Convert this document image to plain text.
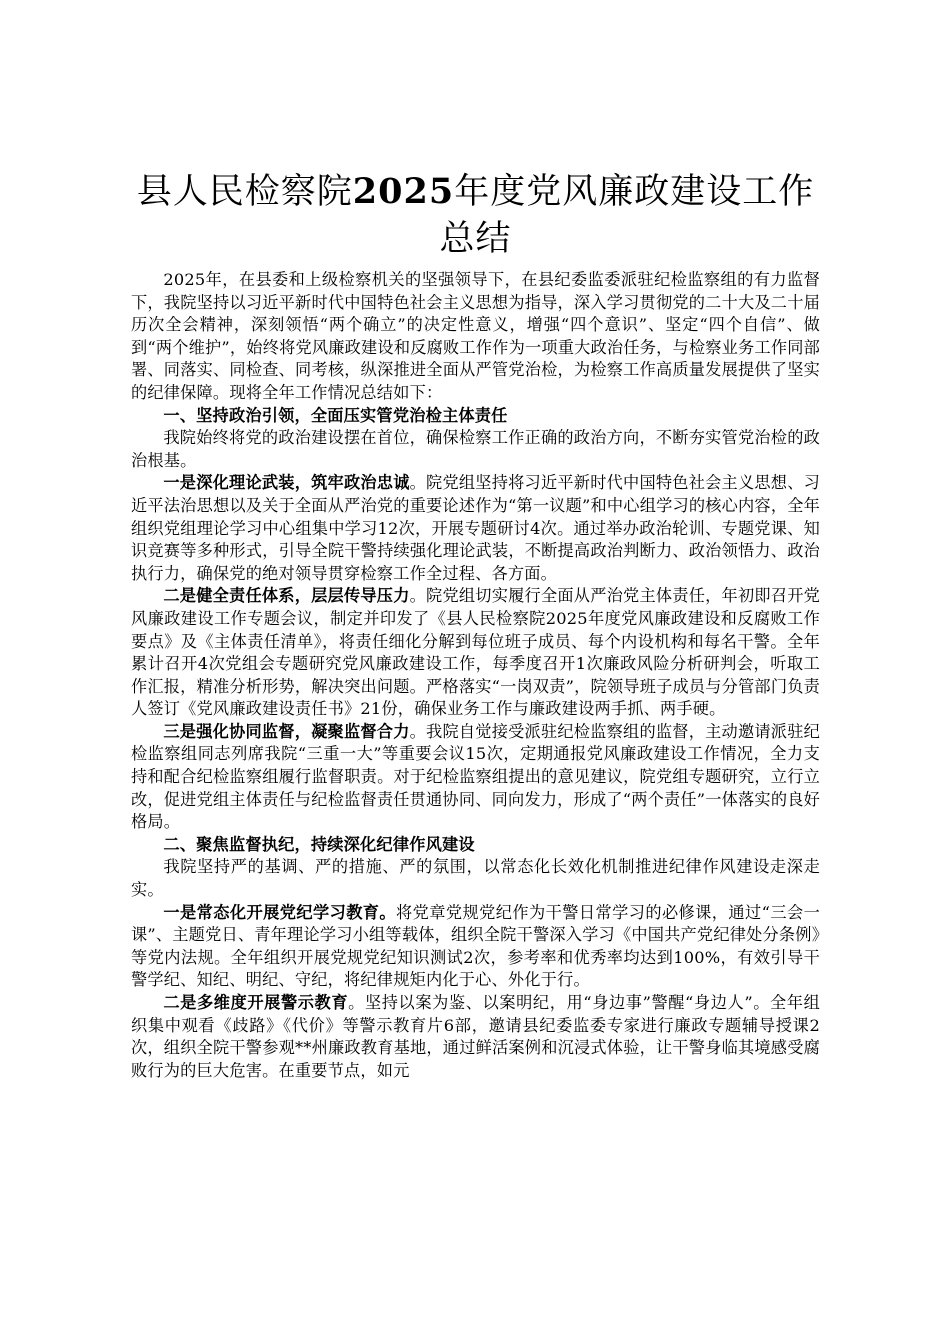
县人民检察院2025年度党风廉政建设工作总结

2025年，在县委和上级检察机关的坚强领导下，在县纪委监委派驻纪检监察组的有力监督下，我院坚持以习近平新时代中国特色社会主义思想为指导，深入学习贯彻党的二十大及二十届历次全会精神，深刻领悟“两个确立”的决定性意义，增强“四个意识”、坚定“四个自信”、做到“两个维护”，始终将党风廉政建设和反腐败工作作为一项重大政治任务，与检察业务工作同部署、同落实、同检查、同考核，纵深推进全面从严管党治检，为检察工作高质量发展提供了坚实的纪律保障。现将全年工作情况总结如下：

一、坚持政治引领，全面压实管党治检主体责任

我院始终将党的政治建设摆在首位，确保检察工作正确的政治方向，不断夯实管党治检的政治根基。

一是深化理论武装，筑牢政治忠诚。院党组坚持将习近平新时代中国特色社会主义思想、习近平法治思想以及关于全面从严治党的重要论述作为“第一议题”和中心组学习的核心内容，全年组织党组理论学习中心组集中学习12次，开展专题研讨4次。通过举办政治轮训、专题党课、知识竞赛等多种形式，引导全院干警持续强化理论武装，不断提高政治判断力、政治领悟力、政治执行力，确保党的绝对领导贯穿检察工作全过程、各方面。

二是健全责任体系，层层传导压力。院党组切实履行全面从严治党主体责任，年初即召开党风廉政建设工作专题会议，制定并印发了《县人民检察院2025年度党风廉政建设和反腐败工作要点》及《主体责任清单》，将责任细化分解到每位班子成员、每个内设机构和每名干警。全年累计召开4次党组会专题研究党风廉政建设工作，每季度召开1次廉政风险分析研判会，听取工作汇报，精准分析形势，解决突出问题。严格落实“一岗双责”，院领导班子成员与分管部门负责人签订《党风廉政建设责任书》21份，确保业务工作与廉政建设两手抓、两手硬。

三是强化协同监督，凝聚监督合力。我院自觉接受派驻纪检监察组的监督，主动邀请派驻纪检监察组同志列席我院“三重一大”等重要会议15次，定期通报党风廉政建设工作情况，全力支持和配合纪检监察组履行监督职责。对于纪检监察组提出的意见建议，院党组专题研究，立行立改，促进党组主体责任与纪检监督责任贯通协同、同向发力，形成了“两个责任”一体落实的良好格局。

二、聚焦监督执纪，持续深化纪律作风建设

我院坚持严的基调、严的措施、严的氛围，以常态化长效化机制推进纪律作风建设走深走实。

一是常态化开展党纪学习教育。将党章党规党纪作为干警日常学习的必修课，通过“三会一课”、主题党日、青年理论学习小组等载体，组织全院干警深入学习《中国共产党纪律处分条例》等党内法规。全年组织开展党规党纪知识测试2次，参考率和优秀率均达到100%，有效引导干警学纪、知纪、明纪、守纪，将纪律规矩内化于心、外化于行。

二是多维度开展警示教育。坚持以案为鉴、以案明纪，用“身边事”警醒“身边人”。全年组织集中观看《歧路》《代价》等警示教育片6部，邀请县纪委监委专家进行廉政专题辅导授课2次，组织全院干警参观**州廉政教育基地，通过鲜活案例和沉浸式体验，让干警身临其境感受腐败行为的巨大危害。在重要节点，如元
